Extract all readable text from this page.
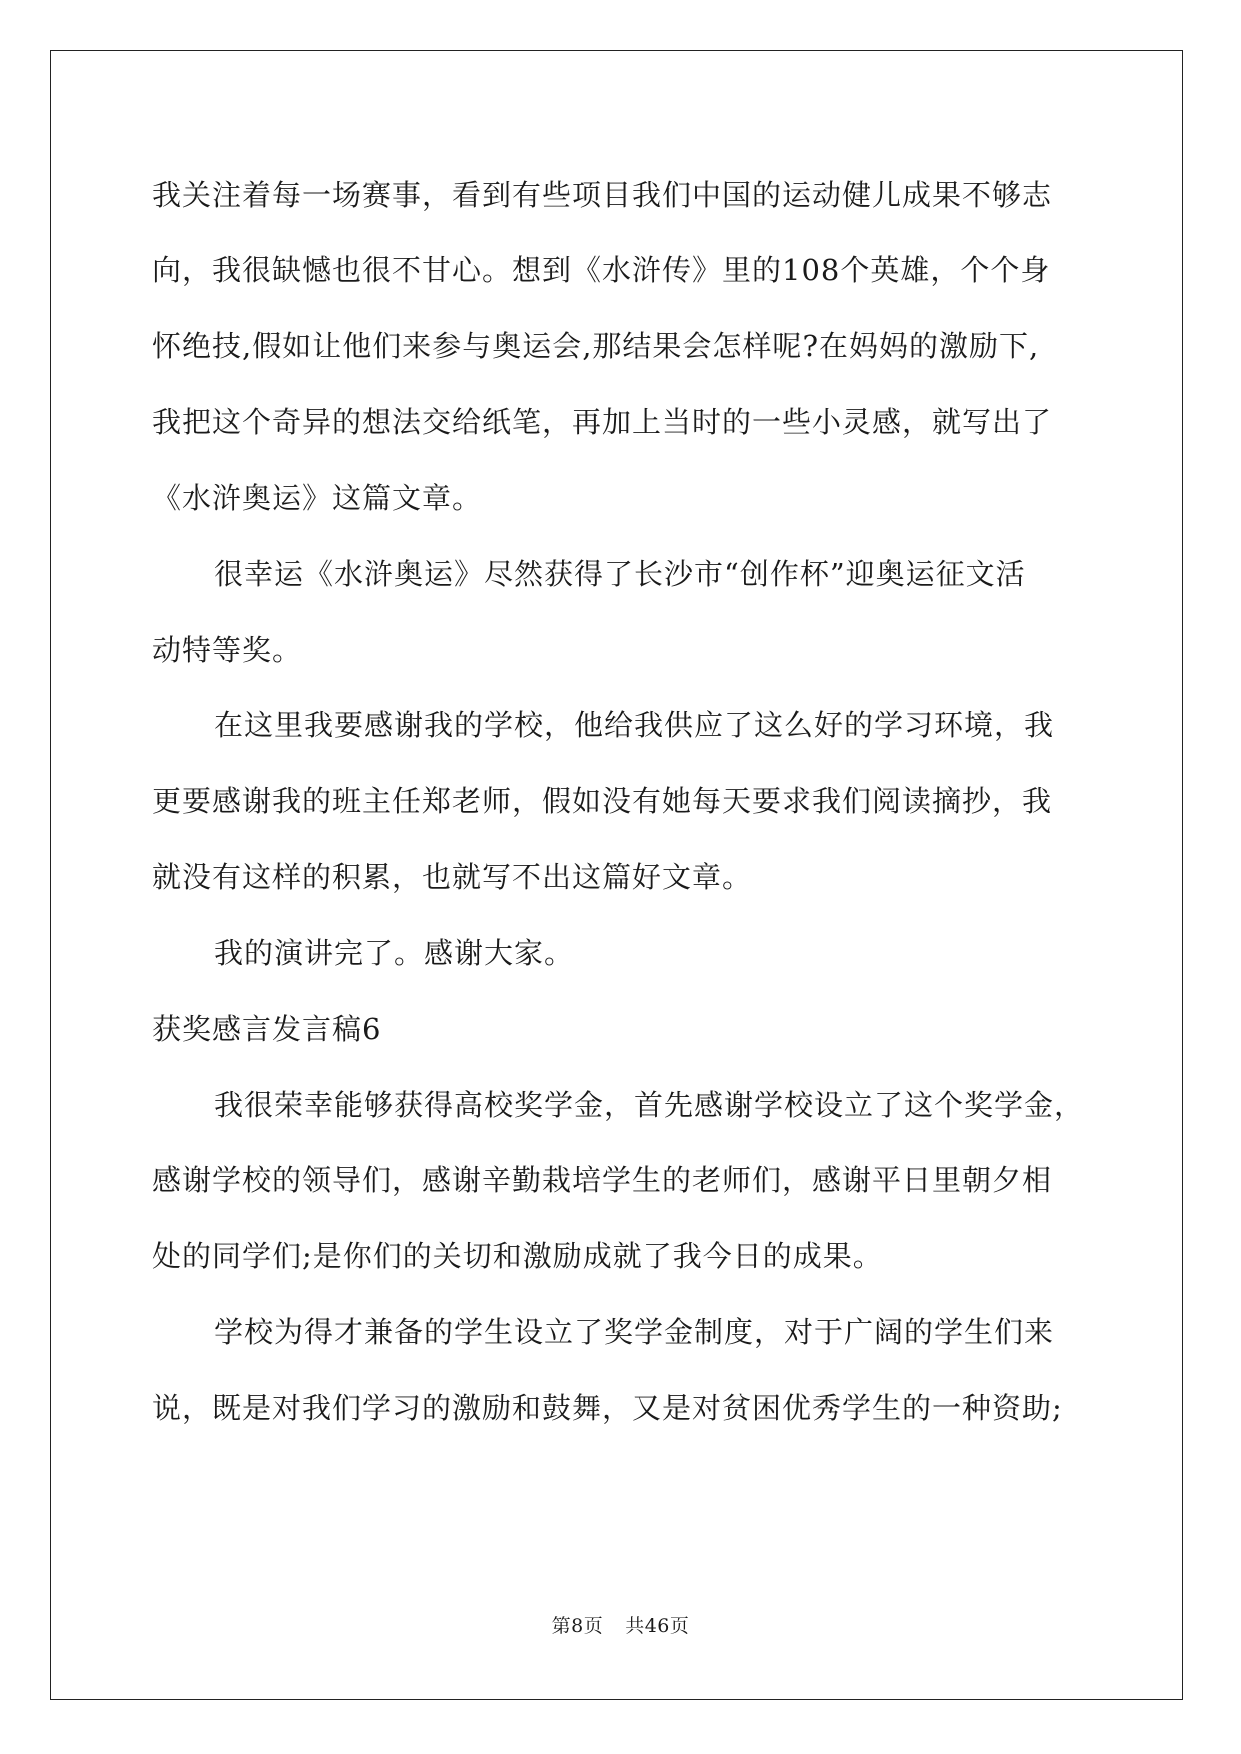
我关注着每一场赛事，看到有些项目我们中国的运动健儿成果不够志
向，我很缺憾也很不甘心。想到《水浒传》里的108个英雄，个个身
怀绝技,假如让他们来参与奥运会,那结果会怎样呢?在妈妈的激励下,
我把这个奇异的想法交给纸笔，再加上当时的一些小灵感，就写出了
《水浒奥运》这篇文章。
很幸运《水浒奥运》尽然获得了长沙市“创作杯”迎奥运征文活
动特等奖。
在这里我要感谢我的学校，他给我供应了这么好的学习环境，我
更要感谢我的班主任郑老师，假如没有她每天要求我们阅读摘抄，我
就没有这样的积累，也就写不出这篇好文章。
我的演讲完了。感谢大家。
获奖感言发言稿6
我很荣幸能够获得高校奖学金，首先感谢学校设立了这个奖学金，
感谢学校的领导们，感谢辛勤栽培学生的老师们，感谢平日里朝夕相
处的同学们;是你们的关切和激励成就了我今日的成果。
学校为得才兼备的学生设立了奖学金制度，对于广阔的学生们来
说，既是对我们学习的激励和鼓舞，又是对贫困优秀学生的一种资助;
第8页 共46页
